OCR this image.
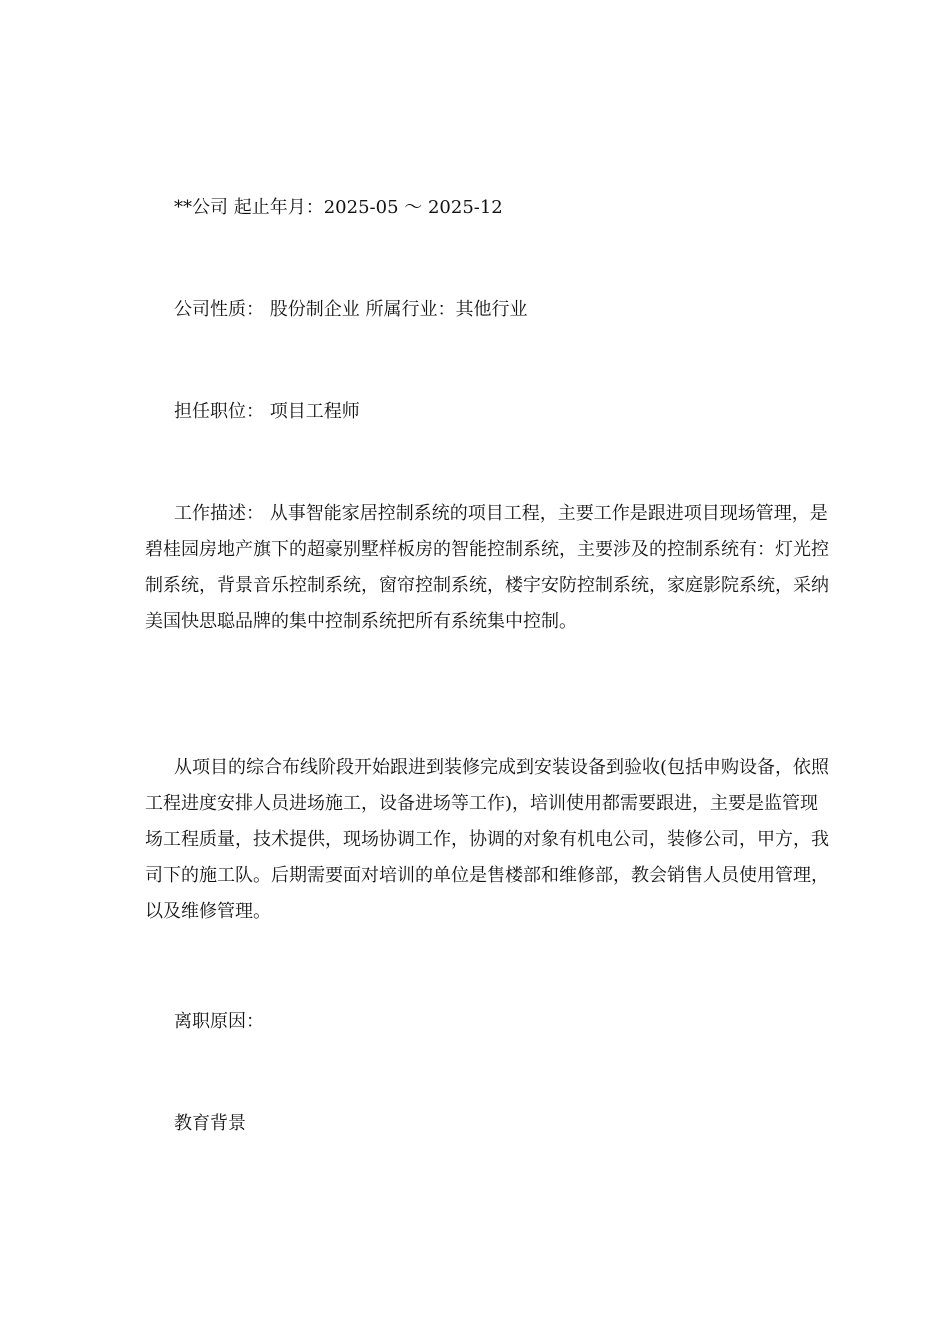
**公司 起止年月：2025-05 ～ 2025-12

公司性质： 股份制企业 所属行业：其他行业

担任职位： 项目工程师

工作描述： 从事智能家居控制系统的项目工程，主要工作是跟进项目现场管理，是碧桂园房地产旗下的超豪别墅样板房的智能控制系统，主要涉及的控制系统有：灯光控制系统，背景音乐控制系统，窗帘控制系统，楼宇安防控制系统，家庭影院系统，采纳美国快思聪品牌的集中控制系统把所有系统集中控制。

从项目的综合布线阶段开始跟进到装修完成到安装设备到验收(包括申购设备，依照工程进度安排人员进场施工，设备进场等工作)，培训使用都需要跟进，主要是监管现场工程质量，技术提供，现场协调工作，协调的对象有机电公司，装修公司，甲方，我司下的施工队。后期需要面对培训的单位是售楼部和维修部，教会销售人员使用管理，以及维修管理。

离职原因：

教育背景
